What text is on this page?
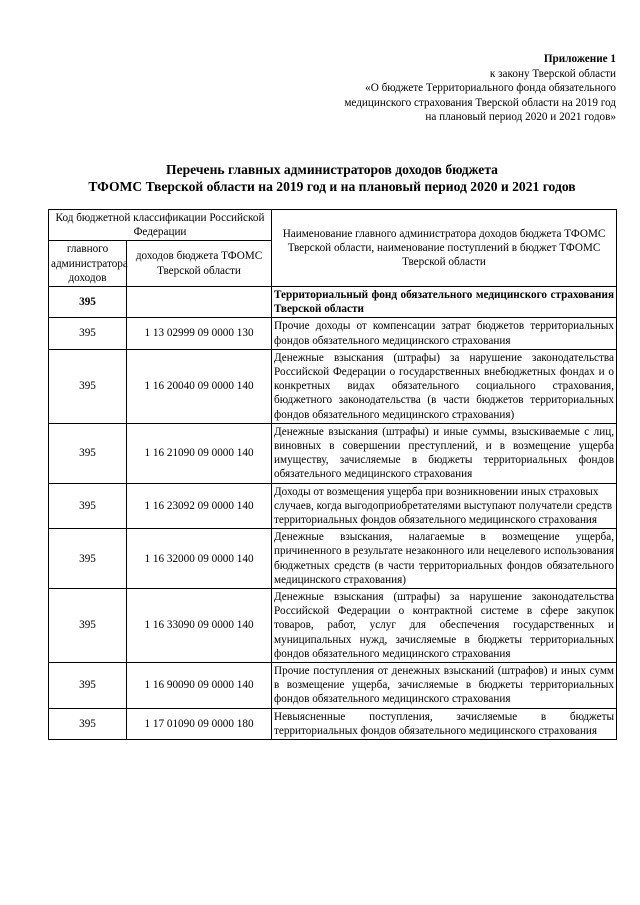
Приложение 1
к закону Тверской области
«О бюджете Территориального фонда обязательного
медицинского страхования Тверской области на 2019 год
на плановый период 2020 и 2021 годов»
Перечень главных администраторов доходов бюджета
ТФОМС Тверской области на 2019 год и на плановый период 2020 и 2021 годов
Код бюджетной классификации Российской Федерации		Наименование главного администратора доходов бюджета ТФОМС Тверской области, наименование поступлений в бюджет ТФОМС Тверской области
главного администратора доходов	доходов бюджета ТФОМС Тверской области	
395		Территориальный фонд обязательного медицинского страхования Тверской области
395	1 13 02999 09 0000 130	Прочие доходы от компенсации затрат бюджетов территориальных фондов обязательного медицинского страхования
395	1 16 20040 09 0000 140	Денежные взыскания (штрафы) за нарушение законодательства Российской Федерации о государственных внебюджетных фондах и о конкретных видах обязательного социального страхования, бюджетного законодательства (в части бюджетов территориальных фондов обязательного медицинского страхования)
395	1 16 21090 09 0000 140	Денежные взыскания (штрафы) и иные суммы, взыскиваемые с лиц, виновных в совершении преступлений, и в возмещение ущерба имуществу, зачисляемые в бюджеты территориальных фондов обязательного медицинского страхования
395	1 16 23092 09 0000 140	Доходы от возмещения ущерба при возникновении иных страховых случаев, когда выгодоприобретателями выступают получатели средств территориальных фондов обязательного медицинского страхования
395	1 16 32000 09 0000 140	Денежные взыскания, налагаемые в возмещение ущерба, причиненного в результате незаконного или нецелевого использования бюджетных средств (в части территориальных фондов обязательного медицинского страхования)
395	1 16 33090 09 0000 140	Денежные взыскания (штрафы) за нарушение законодательства Российской Федерации о контрактной системе в сфере закупок товаров, работ, услуг для обеспечения государственных и муниципальных нужд, зачисляемые в бюджеты территориальных фондов обязательного медицинского страхования
395	1 16 90090 09 0000 140	Прочие поступления от денежных взысканий (штрафов) и иных сумм в возмещение ущерба, зачисляемые в бюджеты территориальных фондов обязательного медицинского страхования
395	1 17 01090 09 0000 180	Невыясненные поступления, зачисляемые в бюджеты территориальных фондов обязательного медицинского страхования
